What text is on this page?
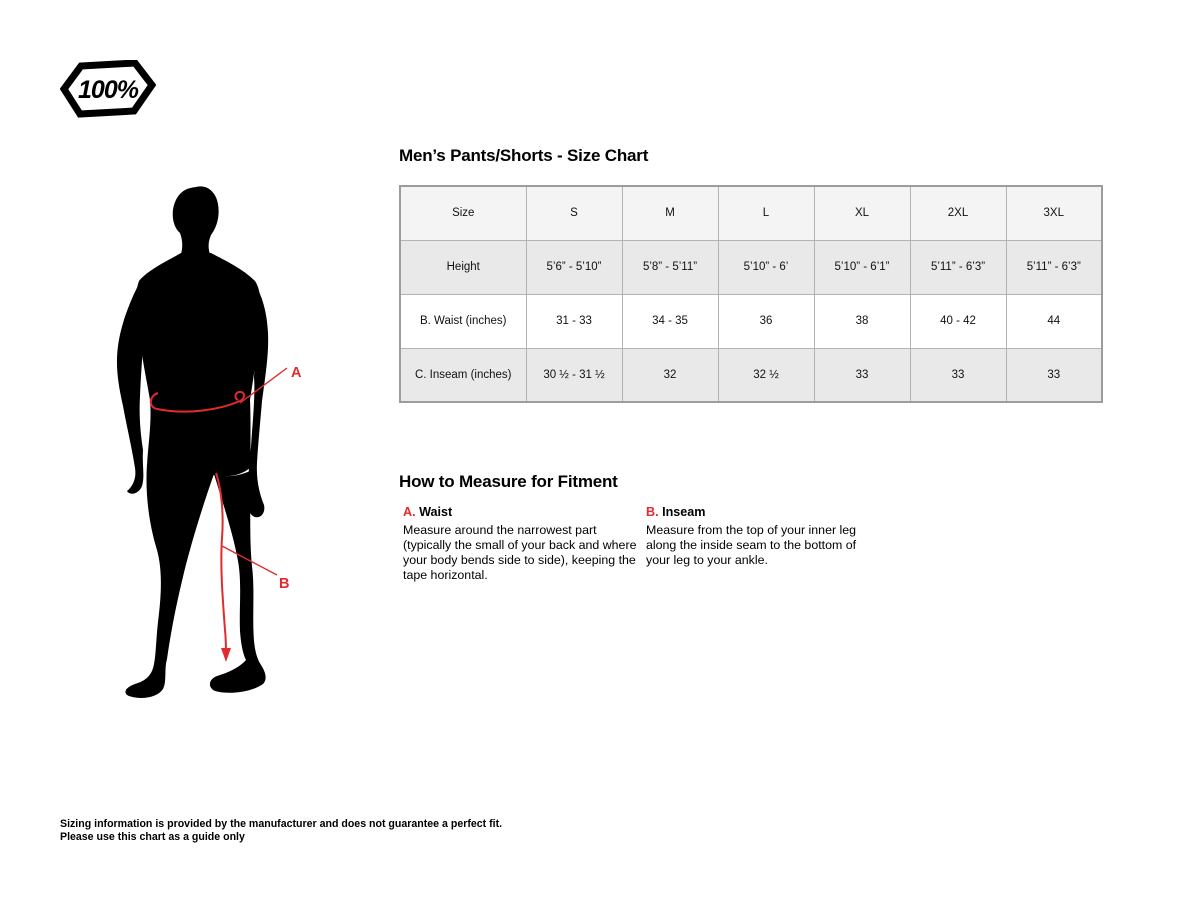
100%
A
B
Men’s Pants/Shorts - Size Chart
Size	S	M	L	XL	2XL	3XL
Height	5’6” - 5’10”	5’8” - 5’11”	5’10” - 6’	5’10” - 6’1”	5’11” - 6’3”	5’11” - 6’3”
B. Waist (inches)	31 - 33	34 - 35	36	38	40 - 42	44
C. Inseam (inches)	30 ½ - 31 ½	32	32 ½	33	33	33
How to Measure for Fitment
A. Waist
Measure around the narrowest part (typically the small of your back and where your body bends side to side), keeping the tape horizontal.
B. Inseam
Measure from the top of your inner leg along the inside seam to the bottom of your leg to your ankle.
Sizing information is provided by the manufacturer and does not guarantee a perfect fit.
Please use this chart as a guide only
